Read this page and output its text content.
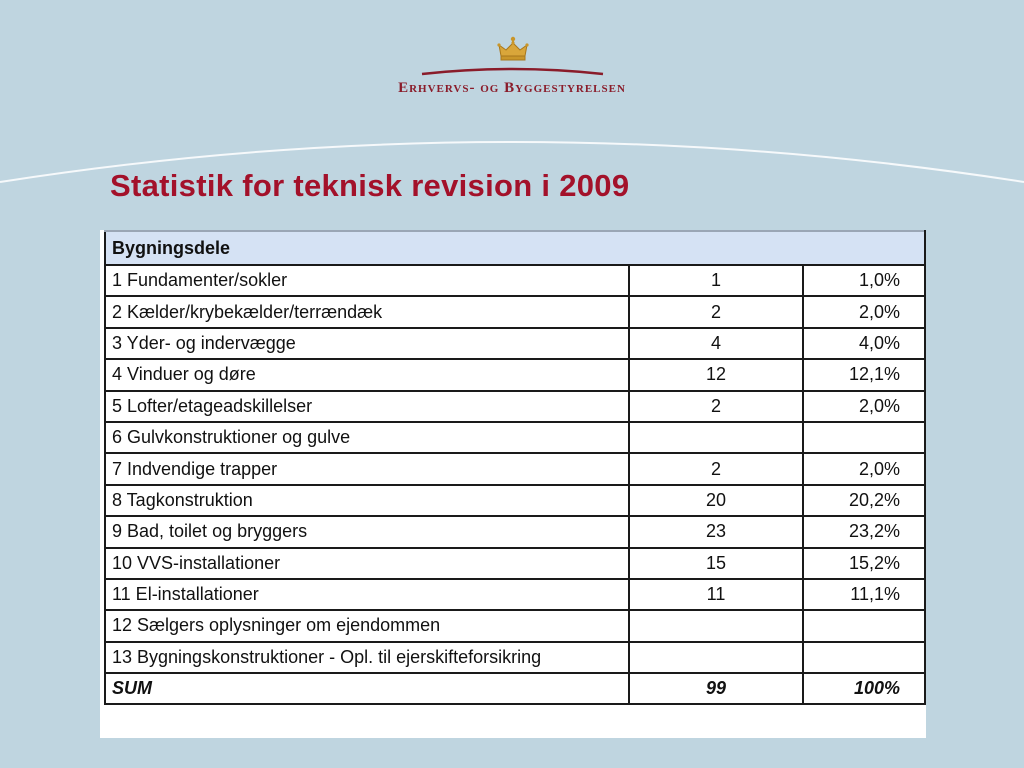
Erhvervs- og Byggestyrelsen
Statistik for teknisk revision i 2009
Bygningsdele		
1 Fundamenter/sokler	1	1,0%
2 Kælder/krybekælder/terrændæk	2	2,0%
3 Yder- og indervægge	4	4,0%
4 Vinduer og døre	12	12,1%
5 Lofter/etageadskillelser	2	2,0%
6 Gulvkonstruktioner og gulve		
7 Indvendige trapper	2	2,0%
8 Tagkonstruktion	20	20,2%
9 Bad, toilet og bryggers	23	23,2%
10 VVS-installationer	15	15,2%
11 El-installationer	11	11,1%
12 Sælgers oplysninger om ejendommen		
13 Bygningskonstruktioner - Opl. til ejerskifteforsikring		
SUM	99	100%
